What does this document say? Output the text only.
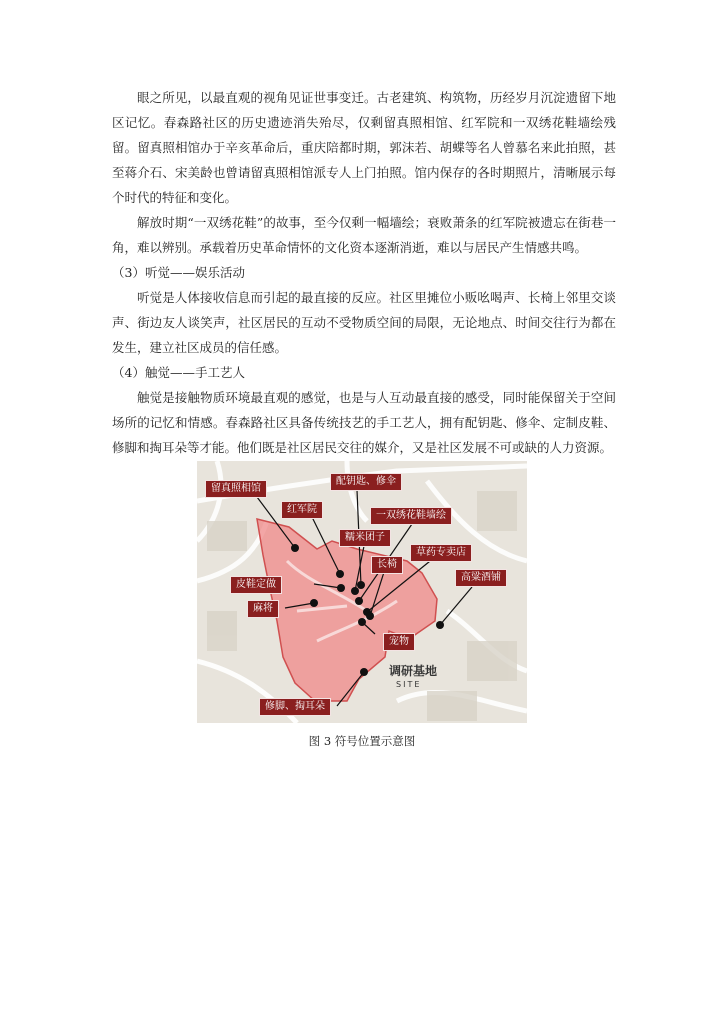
眼之所见，以最直观的视角见证世事变迁。古老建筑、构筑物，历经岁月沉淀遗留下地区记忆。春森路社区的历史遗迹消失殆尽，仅剩留真照相馆、红军院和一双绣花鞋墙绘残留。留真照相馆办于辛亥革命后，重庆陪都时期，郭沫若、胡蝶等名人曾慕名来此拍照，甚至蒋介石、宋美龄也曾请留真照相馆派专人上门拍照。馆内保存的各时期照片，清晰展示每个时代的特征和变化。

解放时期“一双绣花鞋”的故事，至今仅剩一幅墙绘；衰败萧条的红军院被遗忘在街巷一角，难以辨别。承载着历史革命情怀的文化资本逐渐消逝，难以与居民产生情感共鸣。

（3）听觉——娱乐活动

听觉是人体接收信息而引起的最直接的反应。社区里摊位小贩吆喝声、长椅上邻里交谈声、街边友人谈笑声，社区居民的互动不受物质空间的局限，无论地点、时间交往行为都在发生，建立社区成员的信任感。

（4）触觉——手工艺人

触觉是接触物质环境最直观的感觉，也是与人互动最直接的感受，同时能保留关于空间场所的记忆和情感。春森路社区具备传统技艺的手工艺人，拥有配钥匙、修伞、定制皮鞋、修脚和掏耳朵等才能。他们既是社区居民交往的媒介，又是社区发展不可或缺的人力资源。

留真照相馆
配钥匙、修伞
红军院
一双绣花鞋墙绘
糯米团子
草药专卖店
长椅
高粱酒铺
皮鞋定做
麻将
宠物
修脚、掏耳朵
调研基地
SITE
图 3 符号位置示意图
